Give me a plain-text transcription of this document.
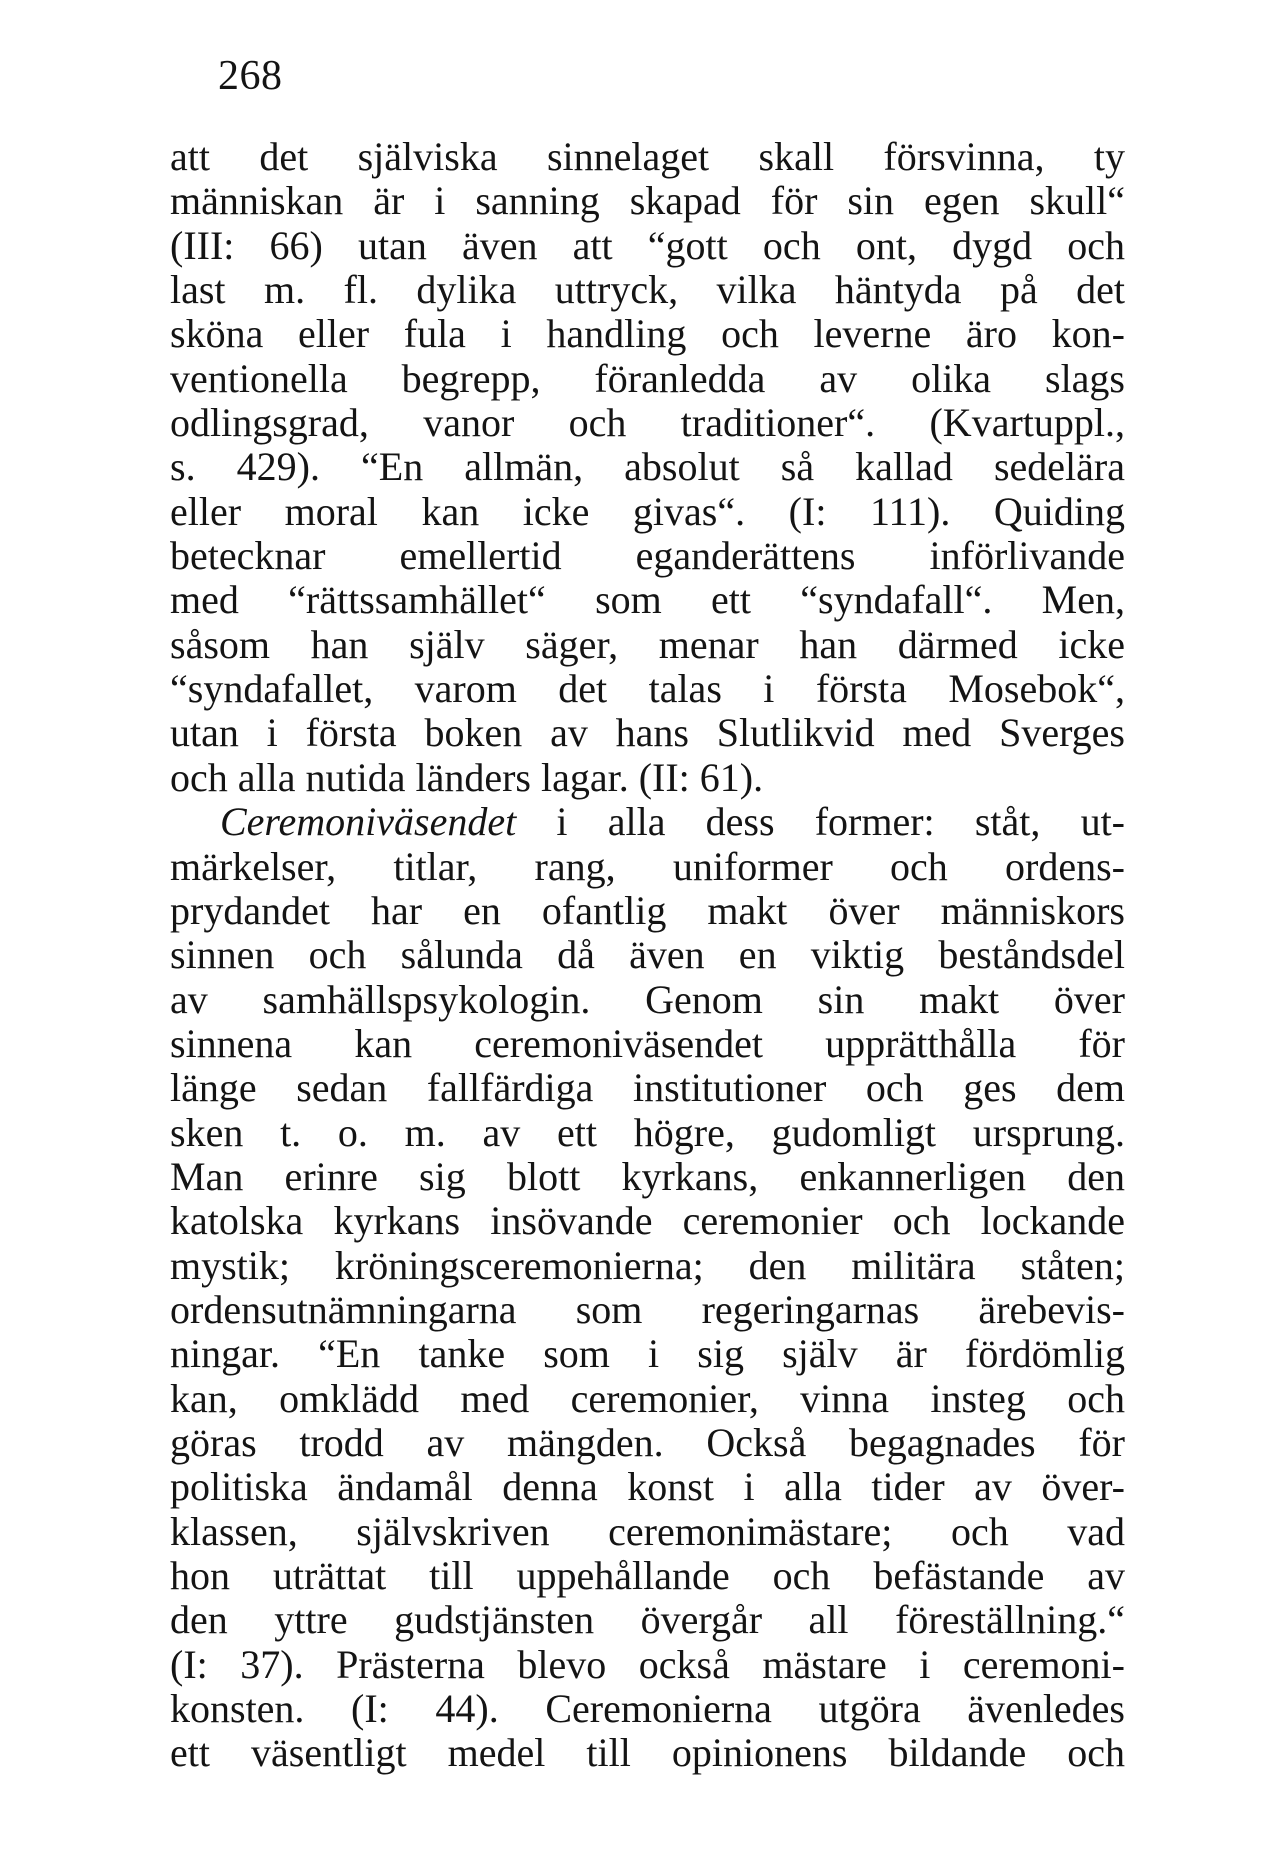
268
att det själviska sinnelaget skall försvinna, ty
människan är i sanning skapad för sin egen skull“
(III: 66) utan även att “gott och ont, dygd och
last m. fl. dylika uttryck, vilka häntyda på det
sköna eller fula i handling och leverne äro kon-
ventionella begrepp, föranledda av olika slags
odlingsgrad, vanor och traditioner“. (Kvartuppl.,
s. 429). “En allmän, absolut så kallad sedelära
eller moral kan icke givas“. (I: 111). Quiding
betecknar emellertid eganderättens införlivande
med “rättssamhället“ som ett “syndafall“. Men,
såsom han själv säger, menar han därmed icke
“syndafallet, varom det talas i första Mosebok“,
utan i första boken av hans Slutlikvid med Sverges
och alla nutida länders lagar. (II: 61).
Ceremoniväsendet i alla dess former: ståt, ut-
märkelser, titlar, rang, uniformer och ordens-
prydandet har en ofantlig makt över människors
sinnen och sålunda då även en viktig beståndsdel
av samhällspsykologin. Genom sin makt över
sinnena kan ceremoniväsendet upprätthålla för
länge sedan fallfärdiga institutioner och ges dem
sken t. o. m. av ett högre, gudomligt ursprung.
Man erinre sig blott kyrkans, enkannerligen den
katolska kyrkans insövande ceremonier och lockande
mystik; kröningsceremonierna; den militära ståten;
ordensutnämningarna som regeringarnas ärebevis-
ningar. “En tanke som i sig själv är fördömlig
kan, omklädd med ceremonier, vinna insteg och
göras trodd av mängden. Också begagnades för
politiska ändamål denna konst i alla tider av över-
klassen, självskriven ceremonimästare; och vad
hon uträttat till uppehållande och befästande av
den yttre gudstjänsten övergår all föreställning.“
(I: 37). Prästerna blevo också mästare i ceremoni-
konsten. (I: 44). Ceremonierna utgöra ävenledes
ett väsentligt medel till opinionens bildande och
